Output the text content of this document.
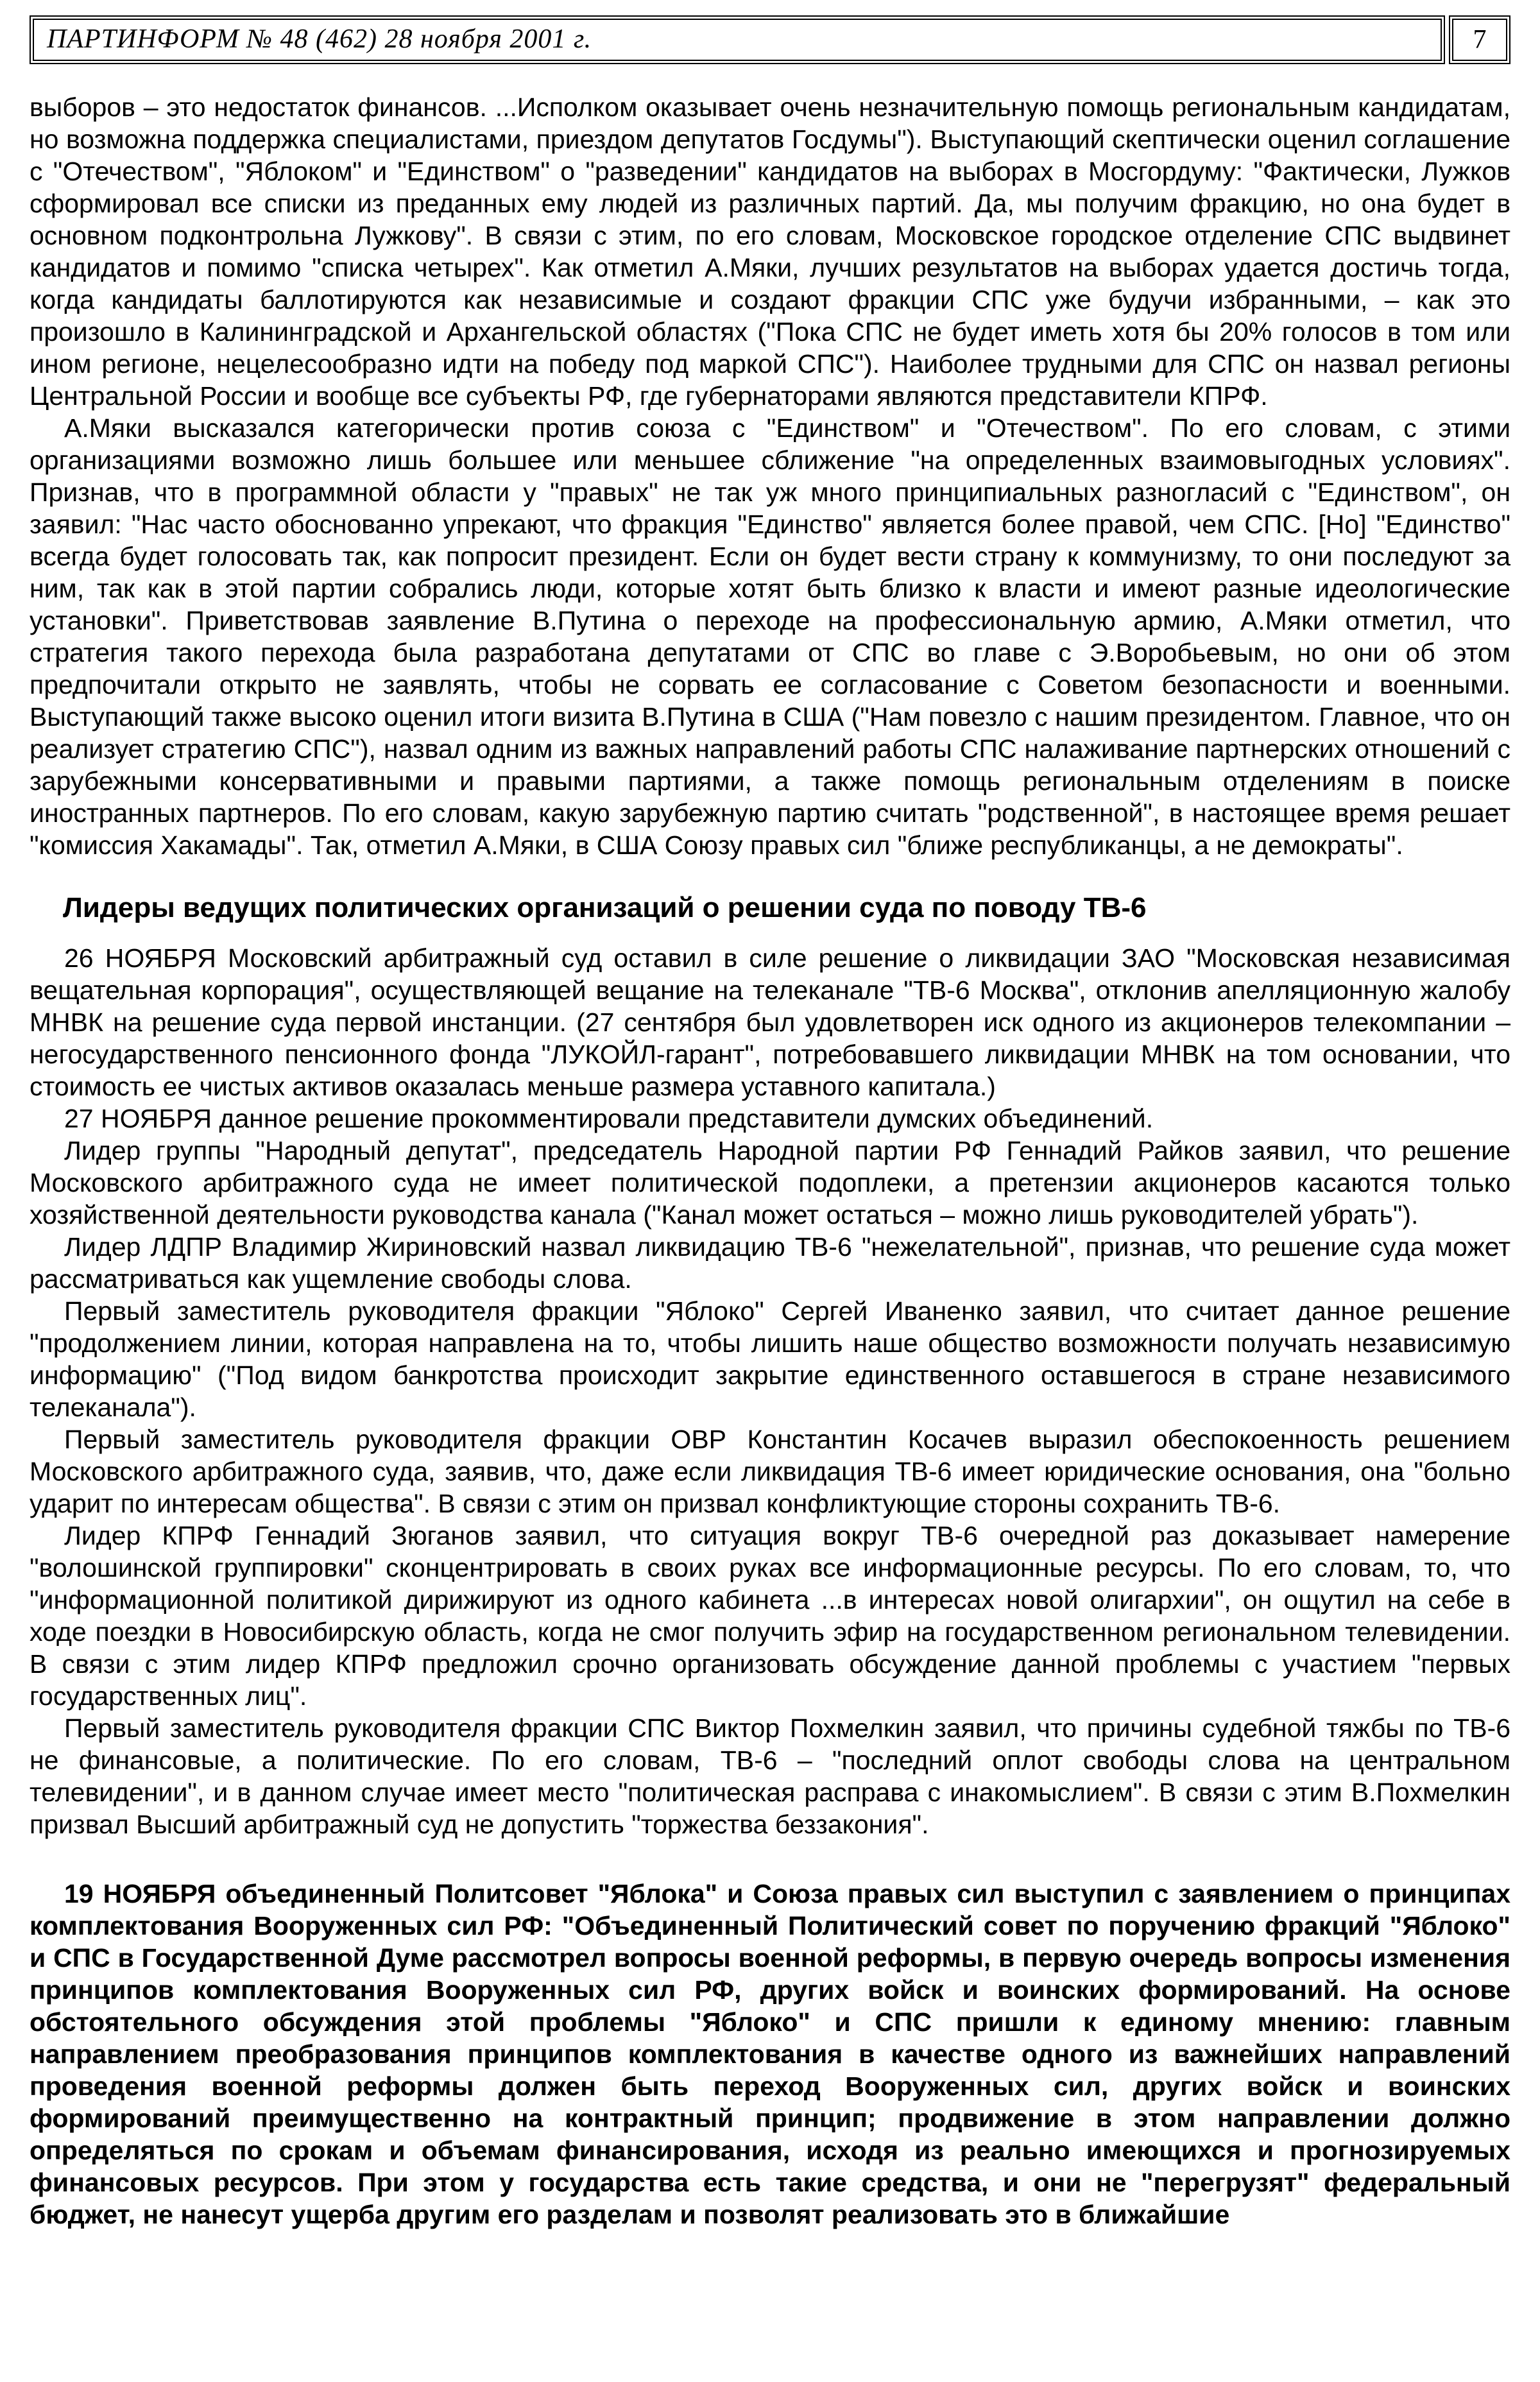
ПАРТИНФОРМ № 48 (462) 28 ноября 2001 г.	7

выборов – это недостаток финансов. ...Исполком оказывает очень незначительную помощь региональным кандидатам, но возможна поддержка специалистами, приездом депутатов Госдумы"). Выступающий скептически оценил соглашение с "Отечеством", "Яблоком" и "Единством" о "разведении" кандидатов на выборах в Мосгордуму: "Фактически, Лужков сформировал все списки из преданных ему людей из различных партий. Да, мы получим фракцию, но она будет в основном подконтрольна Лужкову". В связи с этим, по его словам, Московское городское отделение СПС выдвинет кандидатов и помимо "списка четырех". Как отметил А.Мяки, лучших результатов на выборах удается достичь тогда, когда кандидаты баллотируются как независимые и создают фракции СПС уже будучи избранными, – как это произошло в Калининградской и Архангельской областях ("Пока СПС не будет иметь хотя бы 20% голосов в том или ином регионе, нецелесообразно идти на победу под маркой СПС"). Наиболее трудными для СПС он назвал регионы Центральной России и вообще все субъекты РФ, где губернаторами являются представители КПРФ.

А.Мяки высказался категорически против союза с "Единством" и "Отечеством". По его словам, с этими организациями возможно лишь большее или меньшее сближение "на определенных взаимовыгодных условиях". Признав, что в программной области у "правых" не так уж много принципиальных разногласий с "Единством", он заявил: "Нас часто обоснованно упрекают, что фракция "Единство" является более правой, чем СПС. [Но] "Единство" всегда будет голосовать так, как попросит президент. Если он будет вести страну к коммунизму, то они последуют за ним, так как в этой партии собрались люди, которые хотят быть близко к власти и имеют разные идеологические установки". Приветствовав заявление В.Путина о переходе на профессиональную армию, А.Мяки отметил, что стратегия такого перехода была разработана депутатами от СПС во главе с Э.Воробьевым, но они об этом предпочитали открыто не заявлять, чтобы не сорвать ее согласование с Советом безопасности и военными. Выступающий также высоко оценил итоги визита В.Путина в США ("Нам повезло с нашим президентом. Главное, что он реализует стратегию СПС"), назвал одним из важных направлений работы СПС налаживание партнерских отношений с зарубежными консервативными и правыми партиями, а также помощь региональным отделениям в поиске иностранных партнеров. По его словам, какую зарубежную партию считать "родственной", в настоящее время решает "комиссия Хакамады". Так, отметил А.Мяки, в США Союзу правых сил "ближе республиканцы, а не демократы".

Лидеры ведущих политических организаций о решении суда по поводу ТВ-6

26 НОЯБРЯ Московский арбитражный суд оставил в силе решение о ликвидации ЗАО "Московская независимая вещательная корпорация", осуществляющей вещание на телеканале "ТВ-6 Москва", отклонив апелляционную жалобу МНВК на решение суда первой инстанции. (27 сентября был удовлетворен иск одного из акционеров телекомпании – негосударственного пенсионного фонда "ЛУКОЙЛ-гарант", потребовавшего ликвидации МНВК на том основании, что стоимость ее чистых активов оказалась меньше размера уставного капитала.)

27 НОЯБРЯ данное решение прокомментировали представители думских объединений.

Лидер группы "Народный депутат", председатель Народной партии РФ Геннадий Райков заявил, что решение Московского арбитражного суда не имеет политической подоплеки, а претензии акционеров касаются только хозяйственной деятельности руководства канала ("Канал может остаться – можно лишь руководителей убрать").

Лидер ЛДПР Владимир Жириновский назвал ликвидацию ТВ-6 "нежелательной", признав, что решение суда может рассматриваться как ущемление свободы слова.

Первый заместитель руководителя фракции "Яблоко" Сергей Иваненко заявил, что считает данное решение "продолжением линии, которая направлена на то, чтобы лишить наше общество возможности получать независимую информацию" ("Под видом банкротства происходит закрытие единственного оставшегося в стране независимого телеканала").

Первый заместитель руководителя фракции ОВР Константин Косачев выразил обеспокоенность решением Московского арбитражного суда, заявив, что, даже если ликвидация ТВ-6 имеет юридические основания, она "больно ударит по интересам общества". В связи с этим он призвал конфликтующие стороны сохранить ТВ-6.

Лидер КПРФ Геннадий Зюганов заявил, что ситуация вокруг ТВ-6 очередной раз доказывает намерение "волошинской группировки" сконцентрировать в своих руках все информационные ресурсы. По его словам, то, что "информационной политикой дирижируют из одного кабинета ...в интересах новой олигархии", он ощутил на себе в ходе поездки в Новосибирскую область, когда не смог получить эфир на государственном региональном телевидении. В связи с этим лидер КПРФ предложил срочно организовать обсуждение данной проблемы с участием "первых государственных лиц".

Первый заместитель руководителя фракции СПС Виктор Похмелкин заявил, что причины судебной тяжбы по ТВ-6 не финансовые, а политические. По его словам, ТВ-6 – "последний оплот свободы слова на центральном телевидении", и в данном случае имеет место "политическая расправа с инакомыслием". В связи с этим В.Похмелкин призвал Высший арбитражный суд не допустить "торжества беззакония".

19 НОЯБРЯ объединенный Политсовет "Яблока" и Союза правых сил выступил с заявлением о принципах комплектования Вооруженных сил РФ: "Объединенный Политический совет по поручению фракций "Яблоко" и СПС в Государственной Думе рассмотрел вопросы военной реформы, в первую очередь вопросы изменения принципов комплектования Вооруженных сил РФ, других войск и воинских формирований. На основе обстоятельного обсуждения этой проблемы "Яблоко" и СПС пришли к единому мнению: главным направлением преобразования принципов комплектования в качестве одного из важнейших направлений проведения военной реформы должен быть переход Вооруженных сил, других войск и воинских формирований преимущественно на контрактный принцип; продвижение в этом направлении должно определяться по срокам и объемам финансирования, исходя из реально имеющихся и прогнозируемых финансовых ресурсов. При этом у государства есть такие средства, и они не "перегрузят" федеральный бюджет, не нанесут ущерба другим его разделам и позволят реализовать это в ближайшие
